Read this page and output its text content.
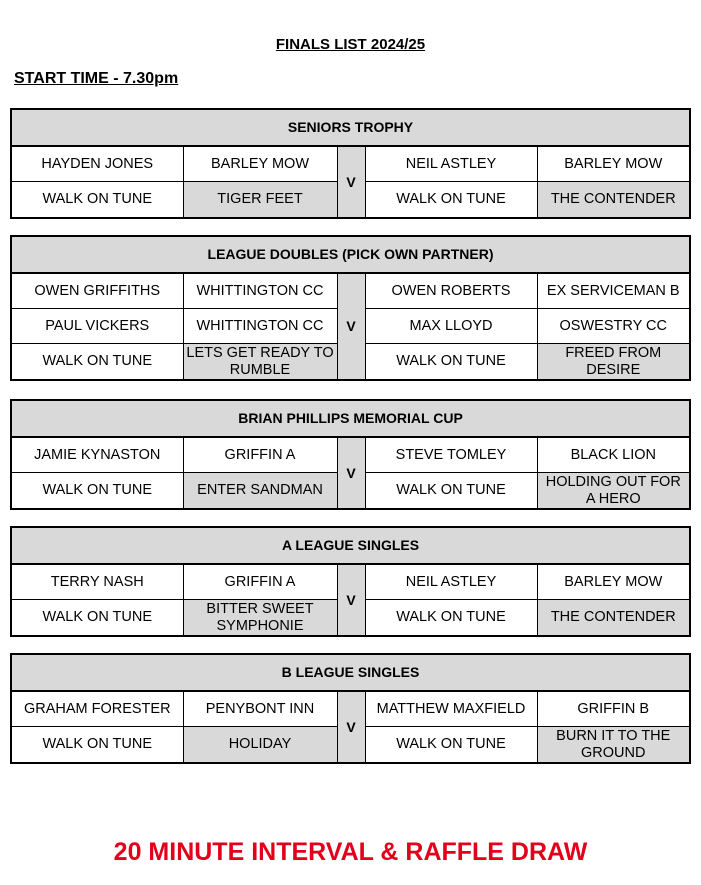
FINALS LIST 2024/25
START TIME - 7.30pm
SENIORS TROPHY				
HAYDEN JONES	BARLEY MOW	V	NEIL ASTLEY	BARLEY MOW
WALK ON TUNE	TIGER FEET		WALK ON TUNE	THE CONTENDER
LEAGUE DOUBLES (PICK OWN PARTNER)				
OWEN GRIFFITHS	WHITTINGTON CC	V	OWEN ROBERTS	EX SERVICEMAN B
PAUL VICKERS	WHITTINGTON CC		MAX LLOYD	OSWESTRY CC
WALK ON TUNE	LETS GET READY TO RUMBLE		WALK ON TUNE	FREED FROM DESIRE
BRIAN PHILLIPS MEMORIAL CUP				
JAMIE KYNASTON	GRIFFIN A	V	STEVE TOMLEY	BLACK LION
WALK ON TUNE	ENTER SANDMAN		WALK ON TUNE	HOLDING OUT FOR A HERO
A LEAGUE SINGLES				
TERRY NASH	GRIFFIN A	V	NEIL ASTLEY	BARLEY MOW
WALK ON TUNE	BITTER SWEET SYMPHONIE		WALK ON TUNE	THE CONTENDER
B LEAGUE SINGLES				
GRAHAM FORESTER	PENYBONT INN	V	MATTHEW MAXFIELD	GRIFFIN B
WALK ON TUNE	HOLIDAY		WALK ON TUNE	BURN IT TO THE GROUND
20 MINUTE INTERVAL & RAFFLE DRAW
